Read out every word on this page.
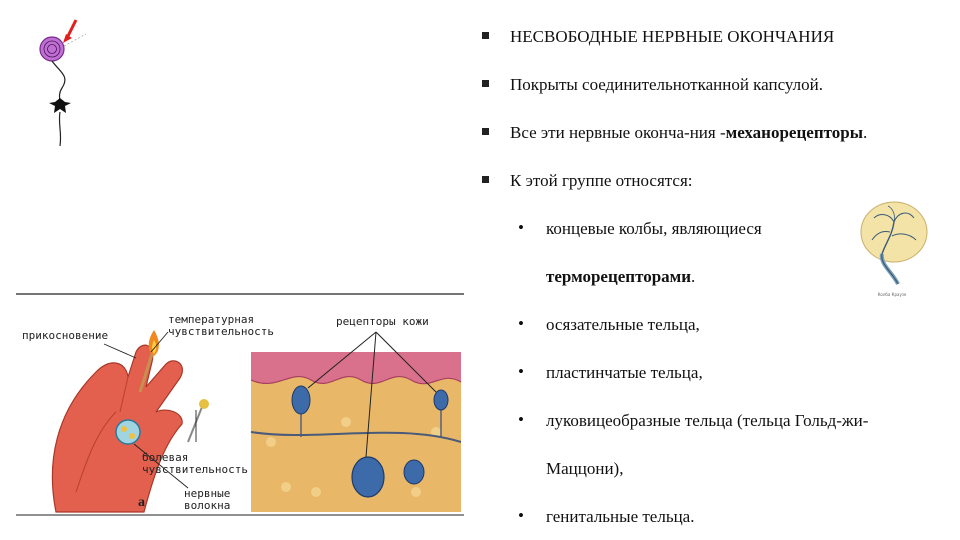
НЕСВОБОДНЫЕ НЕРВНЫЕ ОКОНЧАНИЯ
Покрыты соединительнотканной капсулой.
Все эти нервные оконча-ния -механорецепторы.
К этой группе относятся:
• концевые колбы, являющиеся
терморецепторами.
• осязательные тельца,
• пластинчатые тельца,
• луковицеобразные тельца (тельца Гольд-жи-
Маццони),
• генитальные тельца.
Колба Краузе
прикосновение
температурная
чувствительность
рецепторы кожи
болевая
чувствительность
нервные
волокна
а
